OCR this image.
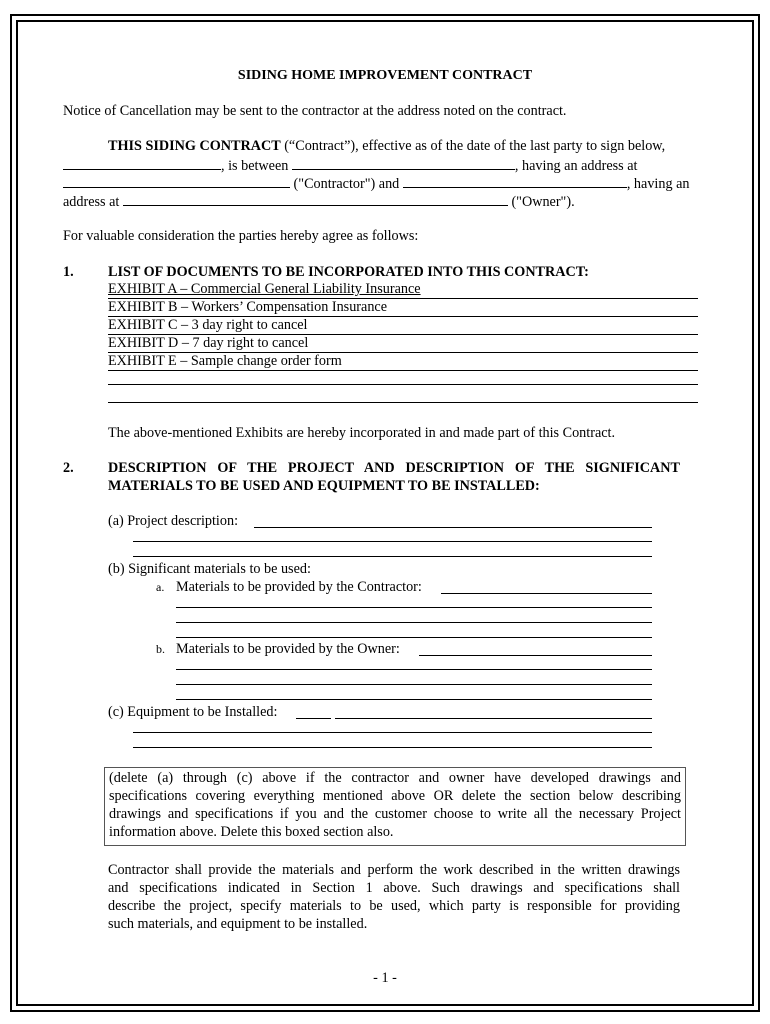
SIDING HOME IMPROVEMENT CONTRACT
Notice of Cancellation may be sent to the contractor at the address noted on the contract.
THIS SIDING CONTRACT (“Contract”), effective as of the date of the last party to sign below,
, is between	, having an address at
("Contractor") and	, having an
address at	("Owner").
For valuable consideration the parties hereby agree as follows:
1. LIST OF DOCUMENTS TO BE INCORPORATED INTO THIS CONTRACT:
EXHIBIT A – Commercial General Liability Insurance
EXHIBIT B – Workers’ Compensation Insurance
EXHIBIT C – 3 day right to cancel
EXHIBIT D – 7 day right to cancel
EXHIBIT E – Sample change order form
The above-mentioned Exhibits are hereby incorporated in and made part of this Contract.
2. DESCRIPTION OF THE PROJECT AND DESCRIPTION OF THE SIGNIFICANT
MATERIALS TO BE USED AND EQUIPMENT TO BE INSTALLED:
(a) Project description:
(b) Significant materials to be used:
a. Materials to be provided by the Contractor:
b. Materials to be provided by the Owner:
(c) Equipment to be Installed:
(delete (a) through (c) above if the contractor and owner have developed drawings and
specifications covering everything mentioned above OR delete the section below describing
drawings and specifications if you and the customer choose to write all the necessary Project
information above. Delete this boxed section also.
Contractor shall provide the materials and perform the work described in the written drawings
and specifications indicated in Section 1 above. Such drawings and specifications shall
describe the project, specify materials to be used, which party is responsible for providing
such materials, and equipment to be installed.
- 1 -
